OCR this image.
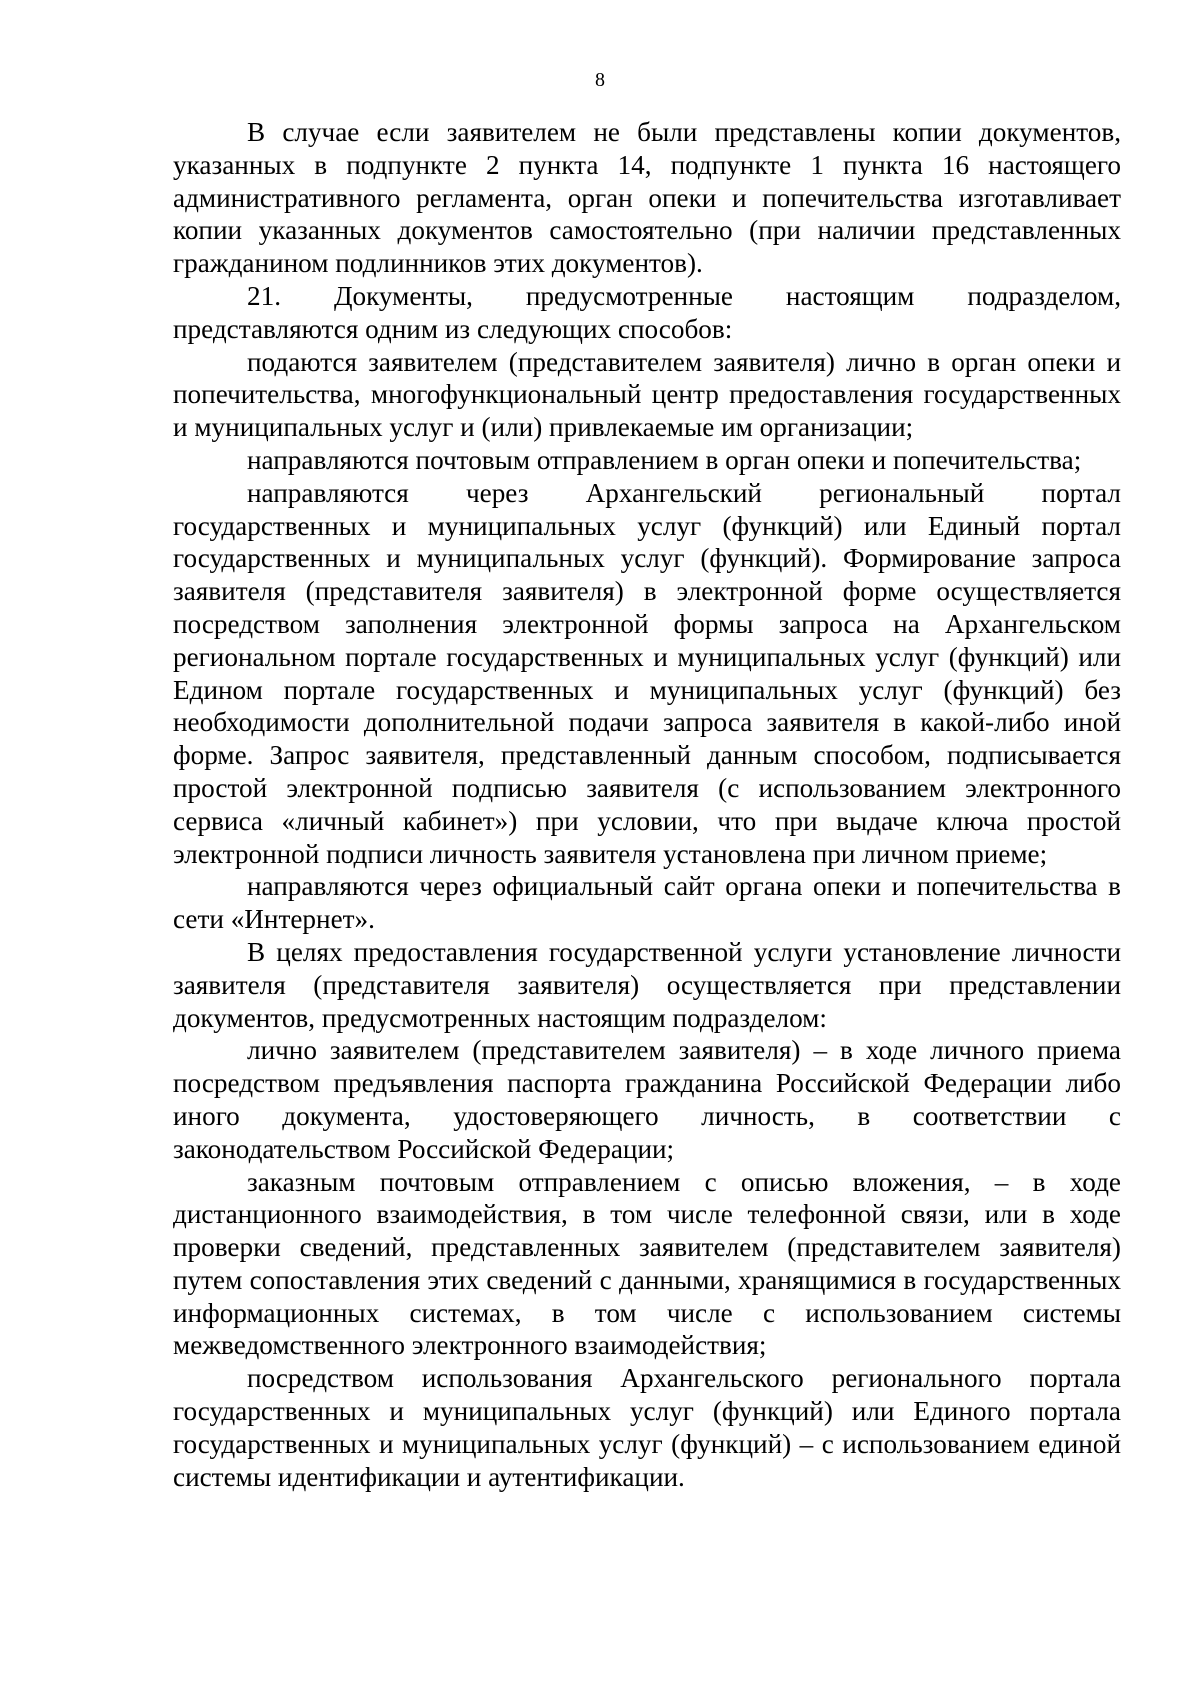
8

В случае если заявителем не были представлены копии документов, указанных в подпункте 2 пункта 14, подпункте 1 пункта 16 настоящего административного регламента, орган опеки и попечительства изготавливает копии указанных документов самостоятельно (при наличии представленных гражданином подлинников этих документов).

21. Документы, предусмотренные настоящим подразделом, представляются одним из следующих способов:

подаются заявителем (представителем заявителя) лично в орган опеки и попечительства, многофункциональный центр предоставления государственных и муниципальных услуг и (или) привлекаемые им организации;

направляются почтовым отправлением в орган опеки и попечительства;

направляются через Архангельский региональный портал государственных и муниципальных услуг (функций) или Единый портал государственных и муниципальных услуг (функций). Формирование запроса заявителя (представителя заявителя) в электронной форме осуществляется посредством заполнения электронной формы запроса на Архангельском региональном портале государственных и муниципальных услуг (функций) или Едином портале государственных и муниципальных услуг (функций) без необходимости дополнительной подачи запроса заявителя в какой-либо иной форме. Запрос заявителя, представленный данным способом, подписывается простой электронной подписью заявителя (с использованием электронного сервиса «личный кабинет») при условии, что при выдаче ключа простой электронной подписи личность заявителя установлена при личном приеме;

направляются через официальный сайт органа опеки и попечительства в сети «Интернет».

В целях предоставления государственной услуги установление личности заявителя (представителя заявителя) осуществляется при представлении документов, предусмотренных настоящим подразделом:

лично заявителем (представителем заявителя) – в ходе личного приема посредством предъявления паспорта гражданина Российской Федерации либо иного документа, удостоверяющего личность, в соответствии с законодательством Российской Федерации;

заказным почтовым отправлением с описью вложения, – в ходе дистанционного взаимодействия, в том числе телефонной связи, или в ходе проверки сведений, представленных заявителем (представителем заявителя) путем сопоставления этих сведений с данными, хранящимися в государственных информационных системах, в том числе с использованием системы межведомственного электронного взаимодействия;

посредством использования Архангельского регионального портала государственных и муниципальных услуг (функций) или Единого портала государственных и муниципальных услуг (функций) – с использованием единой системы идентификации и аутентификации.
